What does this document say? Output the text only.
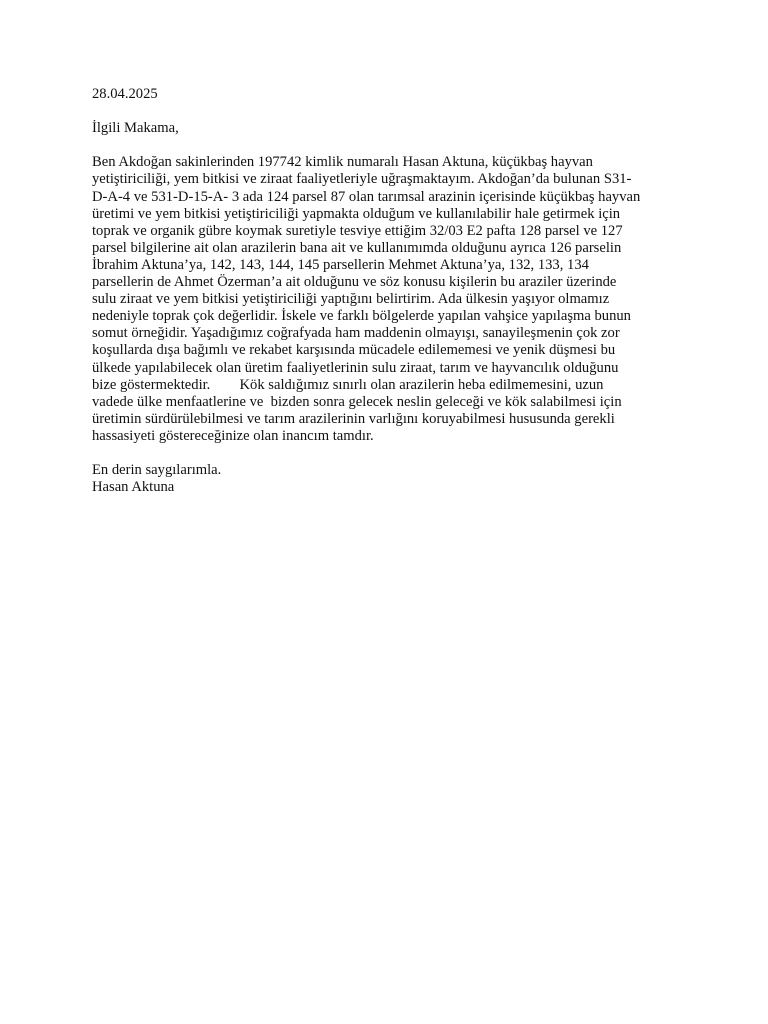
28.04.2025
İlgili Makama,
Ben Akdoğan sakinlerinden 197742 kimlik numaralı Hasan Aktuna, küçükbaş hayvan
yetiştiriciliği, yem bitkisi ve ziraat faaliyetleriyle uğraşmaktayım. Akdoğan’da bulunan S31-
D-A-4 ve 531-D-15-A- 3 ada 124 parsel 87 olan tarımsal arazinin içerisinde küçükbaş hayvan
üretimi ve yem bitkisi yetiştiriciliği yapmakta olduğum ve kullanılabilir hale getirmek için
toprak ve organik gübre koymak suretiyle tesviye ettiğim 32/03 E2 pafta 128 parsel ve 127
parsel bilgilerine ait olan arazilerin bana ait ve kullanımımda olduğunu ayrıca 126 parselin
İbrahim Aktuna’ya, 142, 143, 144, 145 parsellerin Mehmet Aktuna’ya, 132, 133, 134
parsellerin de Ahmet Özerman’a ait olduğunu ve söz konusu kişilerin bu araziler üzerinde
sulu ziraat ve yem bitkisi yetiştiriciliği yaptığını belirtirim. Ada ülkesin yaşıyor olmamız
nedeniyle toprak çok değerlidir. İskele ve farklı bölgelerde yapılan vahşice yapılaşma bunun
somut örneğidir. Yaşadığımız coğrafyada ham maddenin olmayışı, sanayileşmenin çok zor
koşullarda dışa bağımlı ve rekabet karşısında mücadele edilememesi ve yenik düşmesi bu
ülkede yapılabilecek olan üretim faaliyetlerinin sulu ziraat, tarım ve hayvancılık olduğunu
bize göstermektedir.        Kök saldığımız sınırlı olan arazilerin heba edilmemesini, uzun
vadede ülke menfaatlerine ve  bizden sonra gelecek neslin geleceği ve kök salabilmesi için
üretimin sürdürülebilmesi ve tarım arazilerinin varlığını koruyabilmesi hususunda gerekli
hassasiyeti göstereceğinize olan inancım tamdır.
En derin saygılarımla.
Hasan Aktuna
